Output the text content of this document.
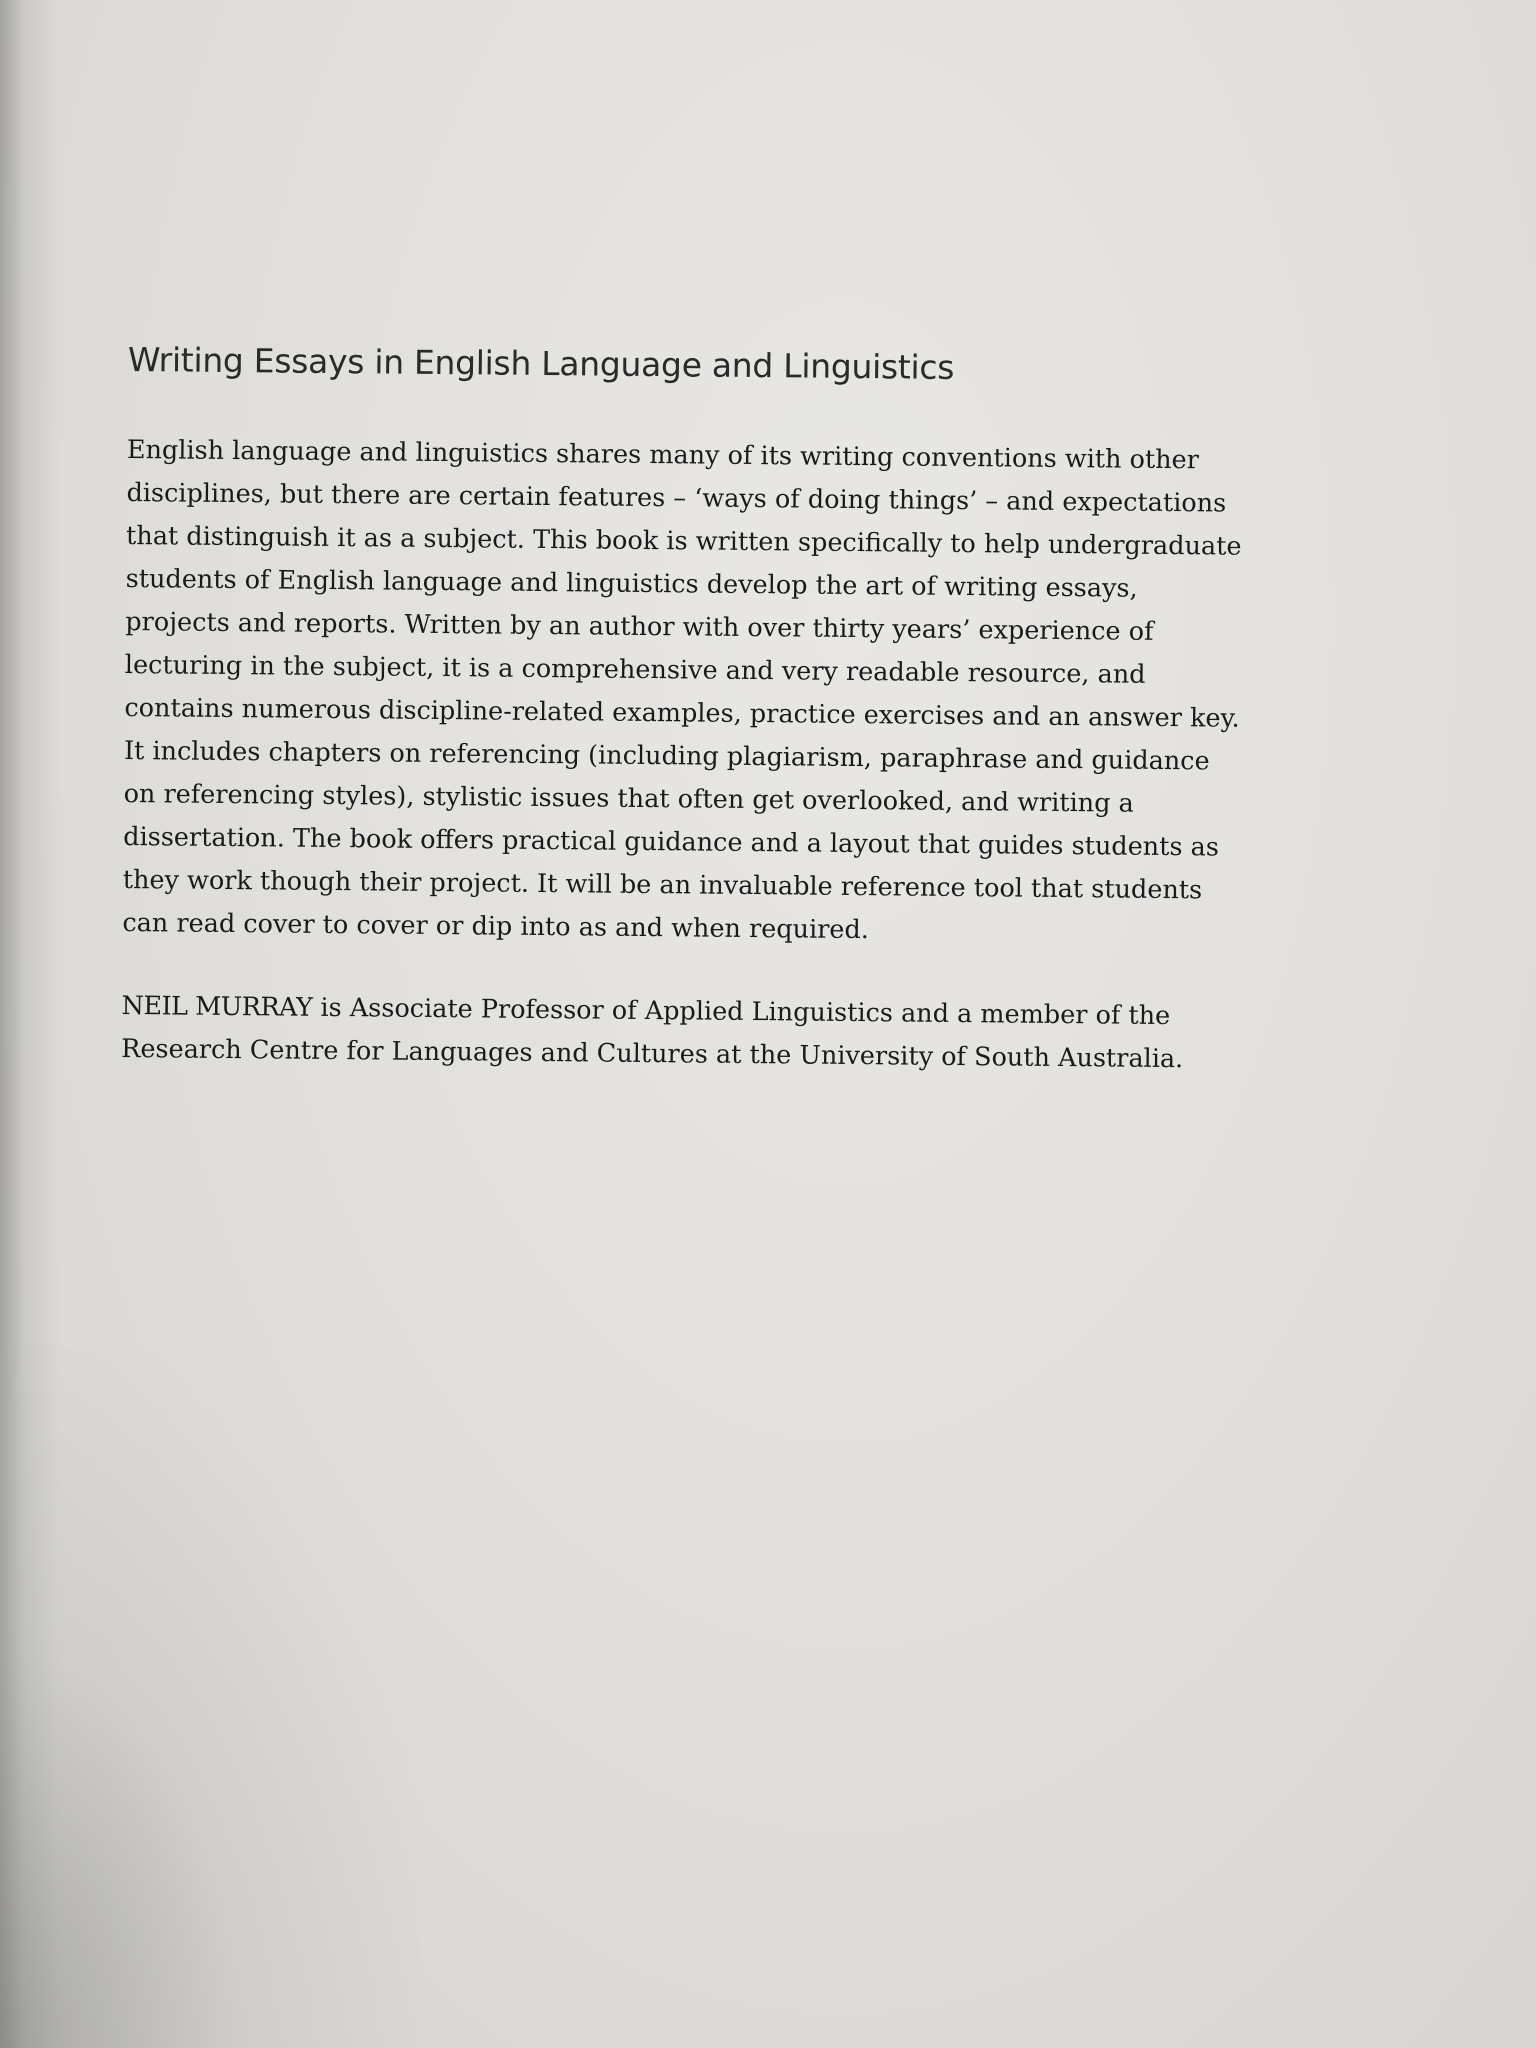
Writing Essays in English Language and Linguistics

English language and linguistics shares many of its writing conventions with other disciplines, but there are certain features – ‘ways of doing things’ – and expectations that distinguish it as a subject. This book is written specifically to help undergraduate students of English language and linguistics develop the art of writing essays, projects and reports. Written by an author with over thirty years’ experience of lecturing in the subject, it is a comprehensive and very readable resource, and contains numerous discipline-related examples, practice exercises and an answer key. It includes chapters on referencing (including plagiarism, paraphrase and guidance on referencing styles), stylistic issues that often get overlooked, and writing a dissertation. The book offers practical guidance and a layout that guides students as they work though their project. It will be an invaluable reference tool that students can read cover to cover or dip into as and when required.

NEIL MURRAY is Associate Professor of Applied Linguistics and a member of the Research Centre for Languages and Cultures at the University of South Australia.
